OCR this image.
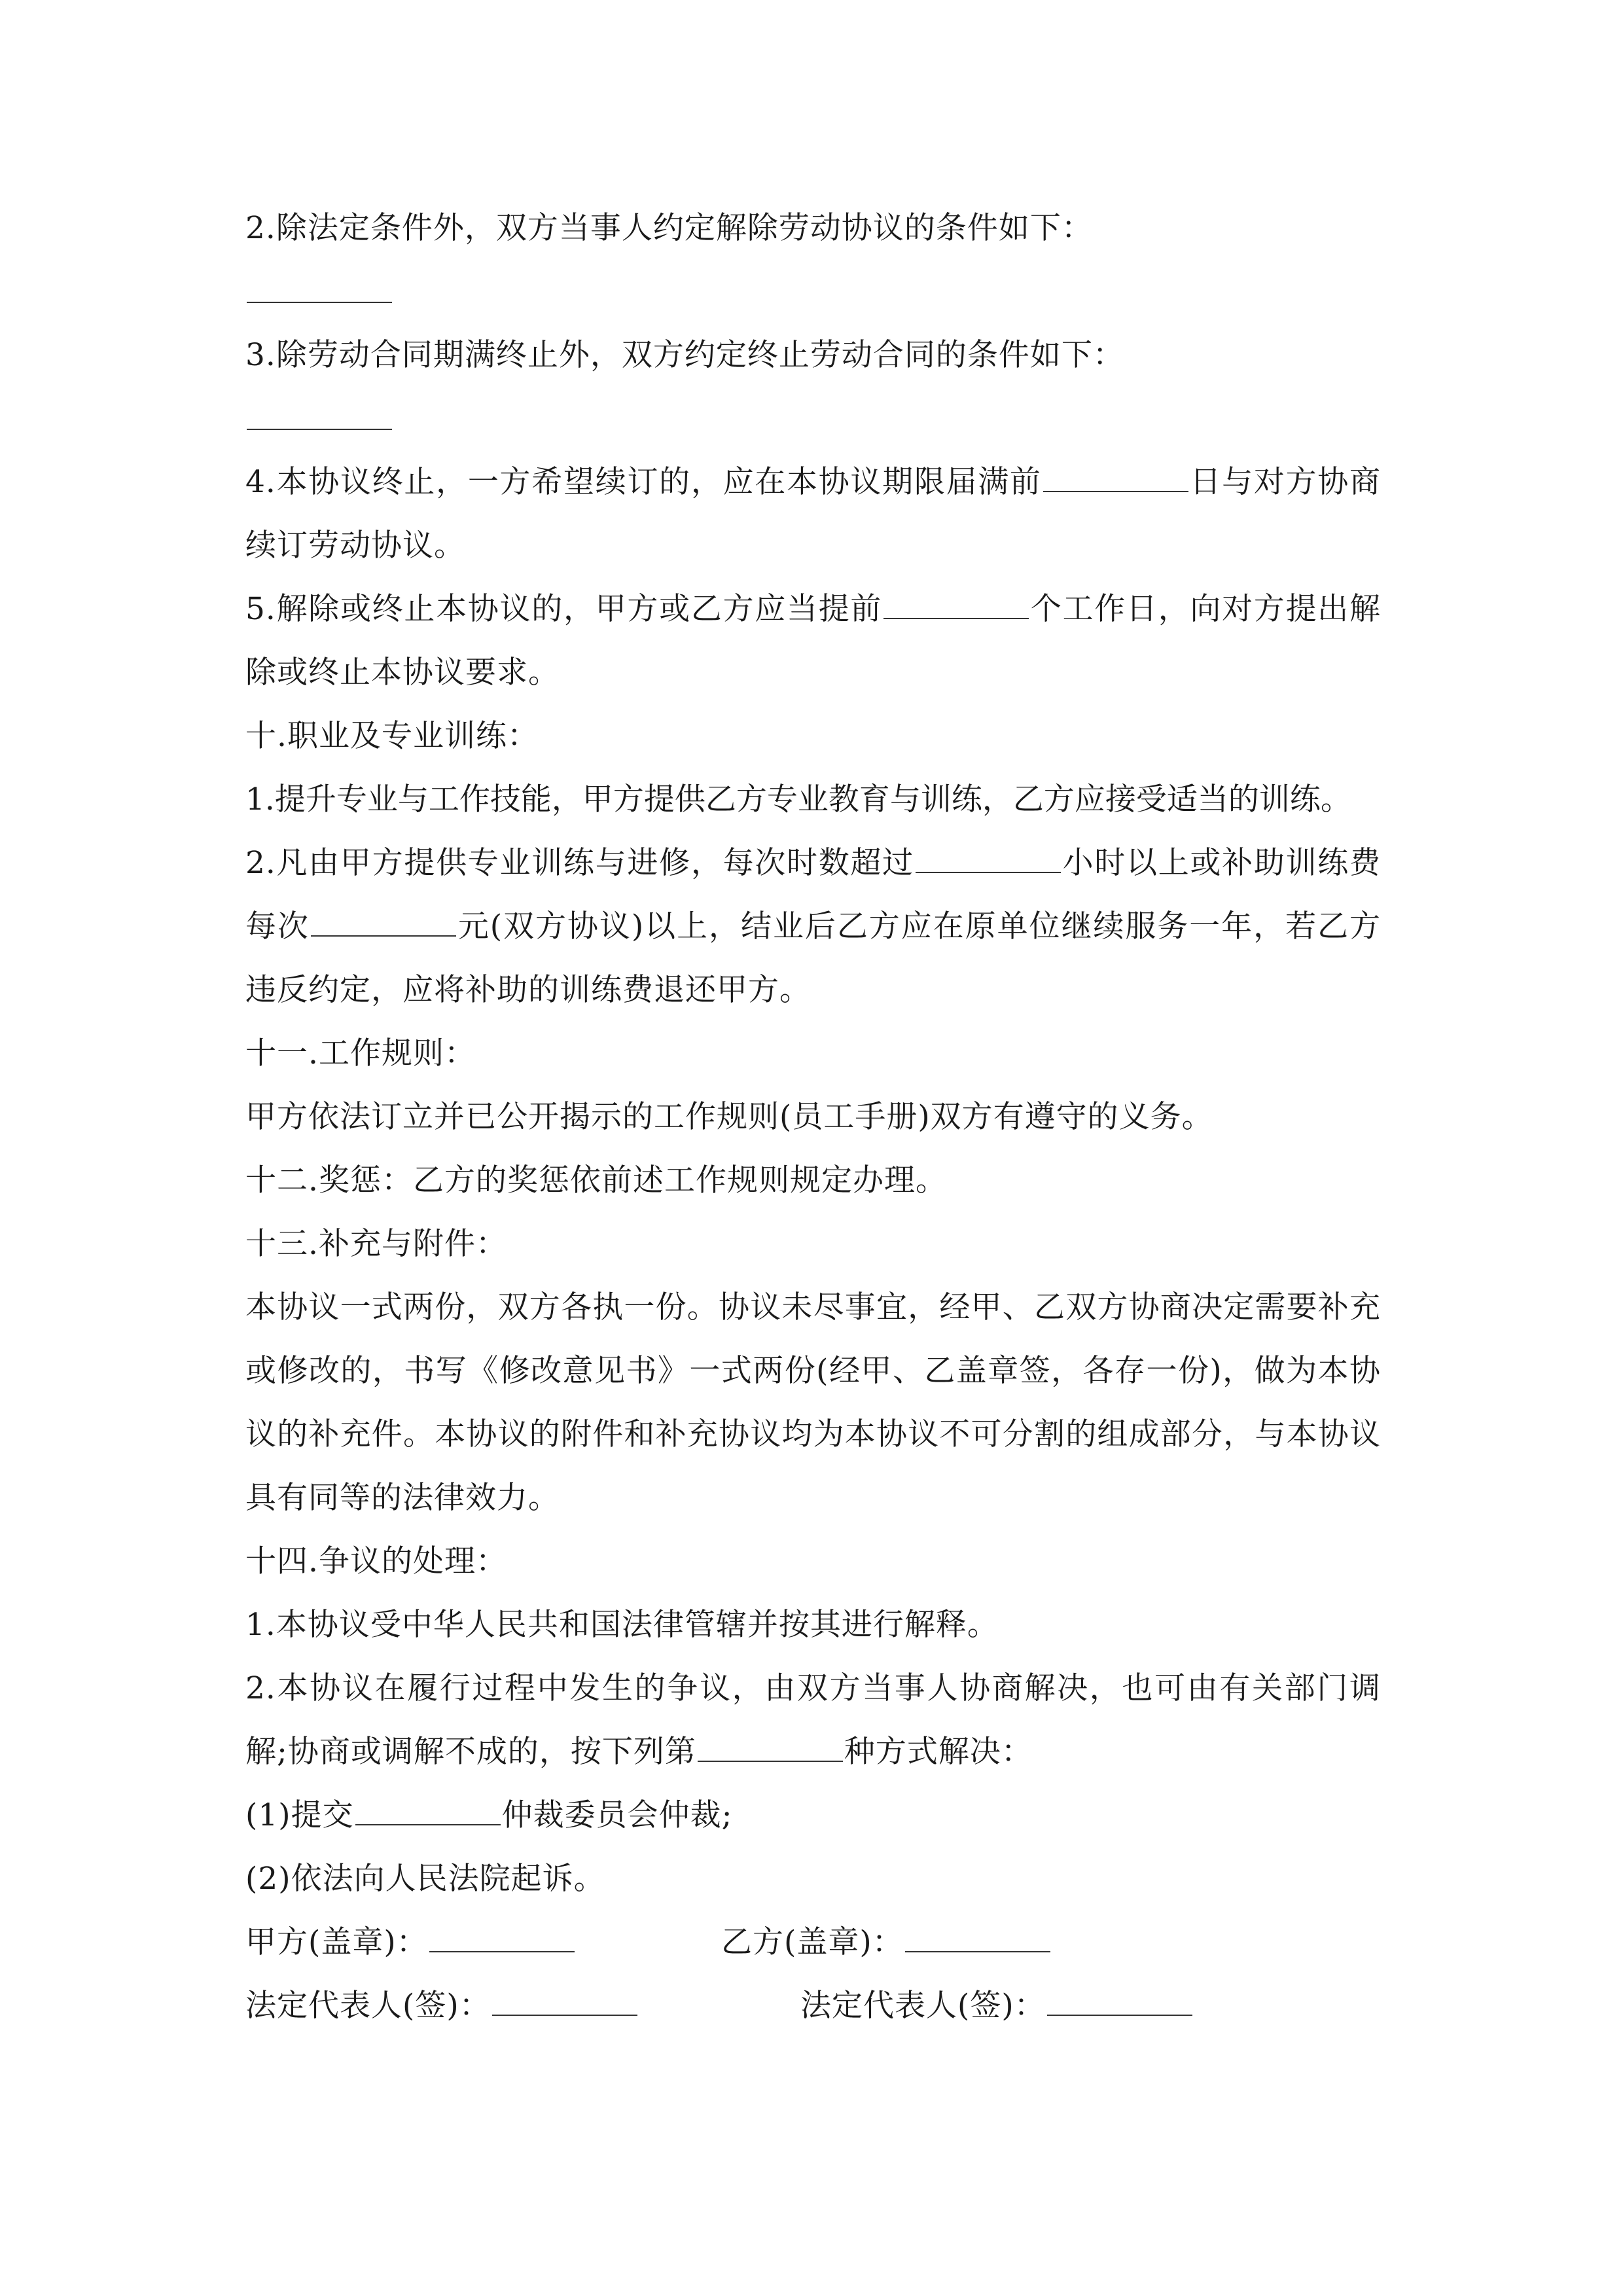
2.除法定条件外，双方当事人约定解除劳动协议的条件如下：

3.除劳动合同期满终止外，双方约定终止劳动合同的条件如下：

4.本协议终止，一方希望续订的，应在本协议期限届满前	日与对方协商续订劳动协议。

5.解除或终止本协议的，甲方或乙方应当提前	个工作日，向对方提出解除或终止本协议要求。

十.职业及专业训练：

1.提升专业与工作技能，甲方提供乙方专业教育与训练，乙方应接受适当的训练。

2.凡由甲方提供专业训练与进修，每次时数超过	小时以上或补助训练费每次	元(双方协议)以上，结业后乙方应在原单位继续服务一年，若乙方违反约定，应将补助的训练费退还甲方。

十一.工作规则：

甲方依法订立并已公开揭示的工作规则(员工手册)双方有遵守的义务。

十二.奖惩：乙方的奖惩依前述工作规则规定办理。

十三.补充与附件：

本协议一式两份，双方各执一份。协议未尽事宜，经甲、乙双方协商决定需要补充或修改的，书写《修改意见书》一式两份(经甲、乙盖章签，各存一份)，做为本协议的补充件。本协议的附件和补充协议均为本协议不可分割的组成部分，与本协议具有同等的法律效力。

十四.争议的处理：

1.本协议受中华人民共和国法律管辖并按其进行解释。

2.本协议在履行过程中发生的争议，由双方当事人协商解决，也可由有关部门调解;协商或调解不成的，按下列第	种方式解决：

(1)提交	仲裁委员会仲裁;

(2)依法向人民法院起诉。

甲方(盖章)：	乙方(盖章)：
法定代表人(签)：	法定代表人(签)：
